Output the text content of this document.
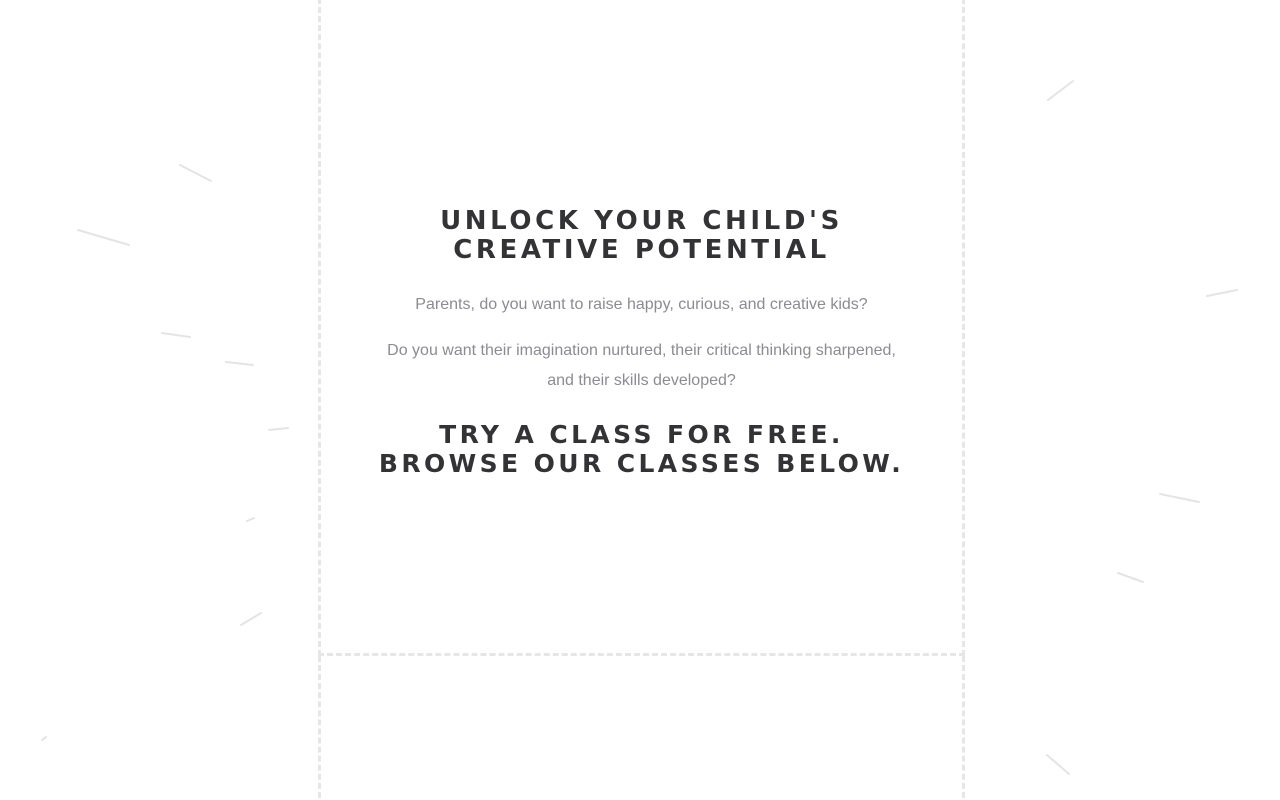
UNLOCK YOUR CHILD'S
CREATIVE POTENTIAL

Parents, do you want to raise happy, curious, and creative kids?

Do you want their imagination nurtured, their critical thinking sharpened, and their skills developed?

TRY A CLASS FOR FREE.
BROWSE OUR CLASSES BELOW.
